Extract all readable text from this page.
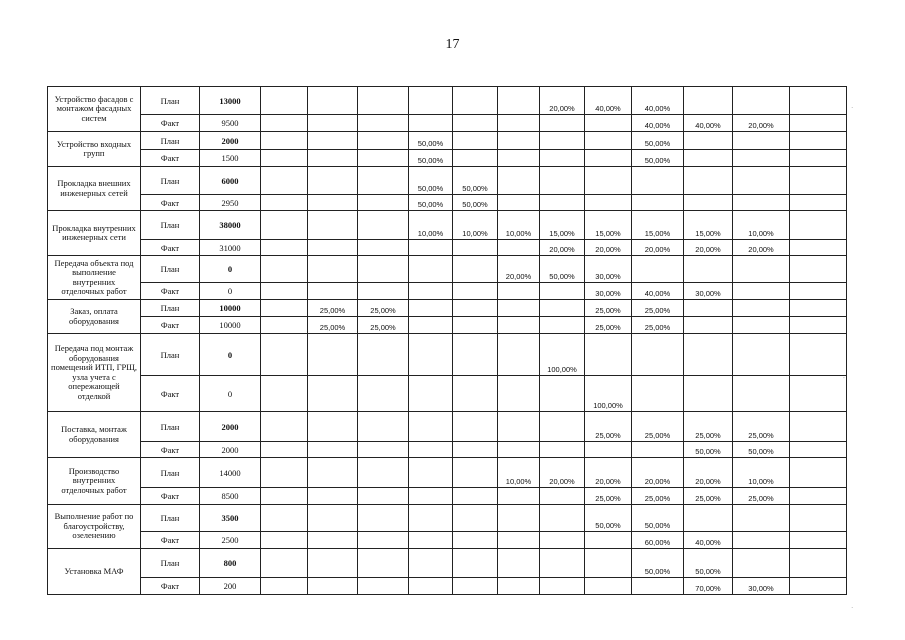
17
Устройство фасадов с монтажом фасадных систем	План	13000							20,00%	40,00%	40,00%			
	Факт	9500									40,00%	40,00%	20,00%	
Устройство входных групп	План	2000				50,00%					50,00%			
	Факт	1500				50,00%					50,00%			
Прокладка внешних инженерных сетей	План	6000				50,00%	50,00%							
	Факт	2950				50,00%	50,00%							
Прокладка внутренних инженерных сети	План	38000				10,00%	10,00%	10,00%	15,00%	15,00%	15,00%	15,00%	10,00%	
	Факт	31000							20,00%	20,00%	20,00%	20,00%	20,00%	
Передача объекта под выполнение внутренних отделочных работ	План	0						20,00%	50,00%	30,00%				
	Факт	0								30,00%	40,00%	30,00%		
Заказ, оплата оборудования	План	10000		25,00%	25,00%					25,00%	25,00%			
	Факт	10000		25,00%	25,00%					25,00%	25,00%			
Передача под монтаж оборудования помещений ИТП, ГРЩ, узла учета с опережающей отделкой	План	0							100,00%					
	Факт	0								100,00%				
Поставка, монтаж оборудования	План	2000								25,00%	25,00%	25,00%	25,00%	
	Факт	2000										50,00%	50,00%	
Производство внутренних отделочных работ	План	14000						10,00%	20,00%	20,00%	20,00%	20,00%	10,00%	
	Факт	8500								25,00%	25,00%	25,00%	25,00%	
Выполнение работ по благоустройству, озеленению	План	3500								50,00%	50,00%			
	Факт	2500									60,00%	40,00%		
Установка МАФ	План	800									50,00%	50,00%		
	Факт	200										70,00%	30,00%	
·
⸳
·
